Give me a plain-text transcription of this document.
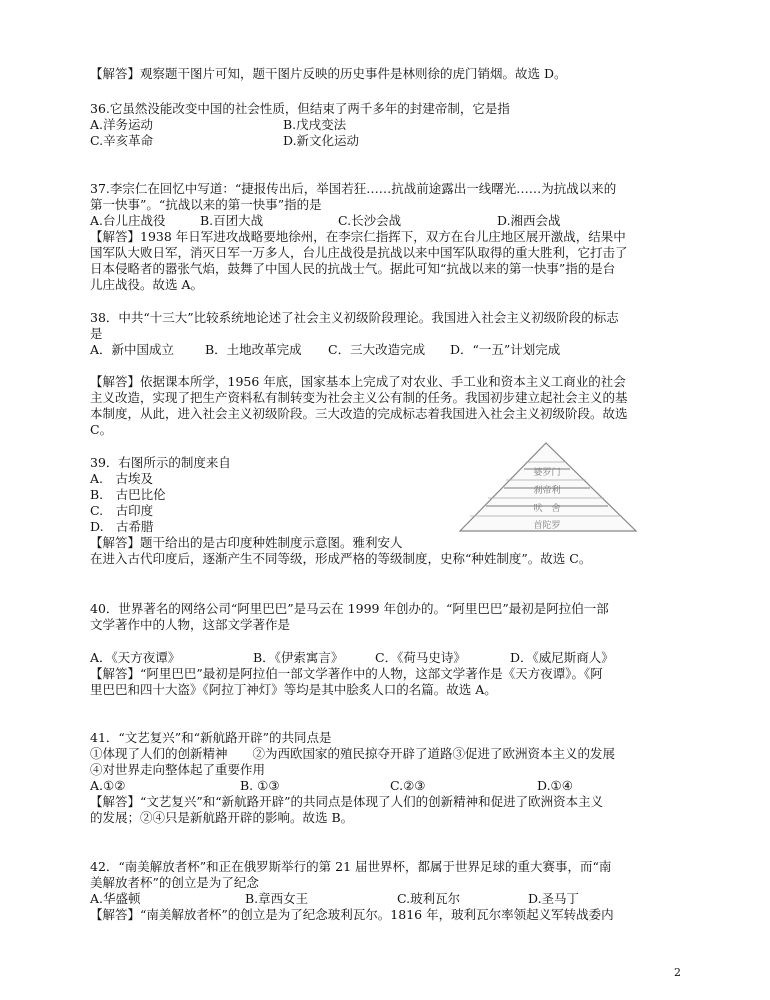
【解答】观察题干图片可知，题干图片反映的历史事件是林则徐的虎门销烟。故选 D。
36.它虽然没能改变中国的社会性质，但结束了两千多年的封建帝制，它是指
A.洋务运动	B.戊戌变法
C.辛亥革命	D.新文化运动
37.李宗仁在回忆中写道：“捷报传出后，举国若狂……抗战前途露出一线曙光……为抗战以来的
第一快事”。“抗战以来的第一快事”指的是
A.台儿庄战役	B.百团大战	C.长沙会战	D.湘西会战
【解答】1938 年日军进攻战略要地徐州，在李宗仁指挥下，双方在台儿庄地区展开激战，结果中
国军队大败日军，消灭日军一万多人，台儿庄战役是抗战以来中国军队取得的重大胜利，它打击了
日本侵略者的嚣张气焰，鼓舞了中国人民的抗战士气。据此可知“抗战以来的第一快事”指的是台
儿庄战役。故选 A。
38．中共“十三大”比较系统地论述了社会主义初级阶段理论。我国进入社会主义初级阶段的标志
是
A．新中国成立 B．土地改革完成 C．三大改造完成 D．“一五”计划完成
【解答】依据课本所学，1956 年底，国家基本上完成了对农业、手工业和资本主义工商业的社会
主义改造，实现了把生产资料私有制转变为社会主义公有制的任务。我国初步建立起社会主义的基
本制度，从此，进入社会主义初级阶段。三大改造的完成标志着我国进入社会主义初级阶段。故选
C。
39．右图所示的制度来自
A.　古埃及
B.　古巴比伦
C.　古印度
D.　古希腊
【解答】题干给出的是古印度种姓制度示意图。雅利安人
在进入古代印度后，逐渐产生不同等级，形成严格的等级制度，史称“种姓制度”。故选 C。
婆罗门
刹帝利
吠　舍
首陀罗
40．世界著名的网络公司“阿里巴巴”是马云在 1999 年创办的。“阿里巴巴”最初是阿拉伯一部
文学著作中的人物，这部文学著作是
A．《天方夜谭》	B．《伊索寓言》	C．《荷马史诗》	D．《威尼斯商人》
【解答】“阿里巴巴”最初是阿拉伯一部文学著作中的人物，这部文学著作是《天方夜谭》。《阿
里巴巴和四十大盗》《阿拉丁神灯》等均是其中脍炙人口的名篇。故选 A。
41．“文艺复兴”和“新航路开辟”的共同点是
①体现了人们的创新精神　　②为西欧国家的殖民掠夺开辟了道路③促进了欧洲资本主义的发展
④对世界走向整体起了重要作用
A.①②	B. ①③	C.②③	D.①④
【解答】“文艺复兴”和“新航路开辟”的共同点是体现了人们的创新精神和促进了欧洲资本主义
的发展；②④只是新航路开辟的影响。故选 B。
42．“南美解放者杯”和正在俄罗斯举行的第 21 届世界杯，都属于世界足球的重大赛事，而“南
美解放者杯”的创立是为了纪念
A.华盛顿	B.章西女王	C.玻利瓦尔	D.圣马丁
【解答】“南美解放者杯”的创立是为了纪念玻利瓦尔。1816 年，玻利瓦尔率领起义军转战委内
2
